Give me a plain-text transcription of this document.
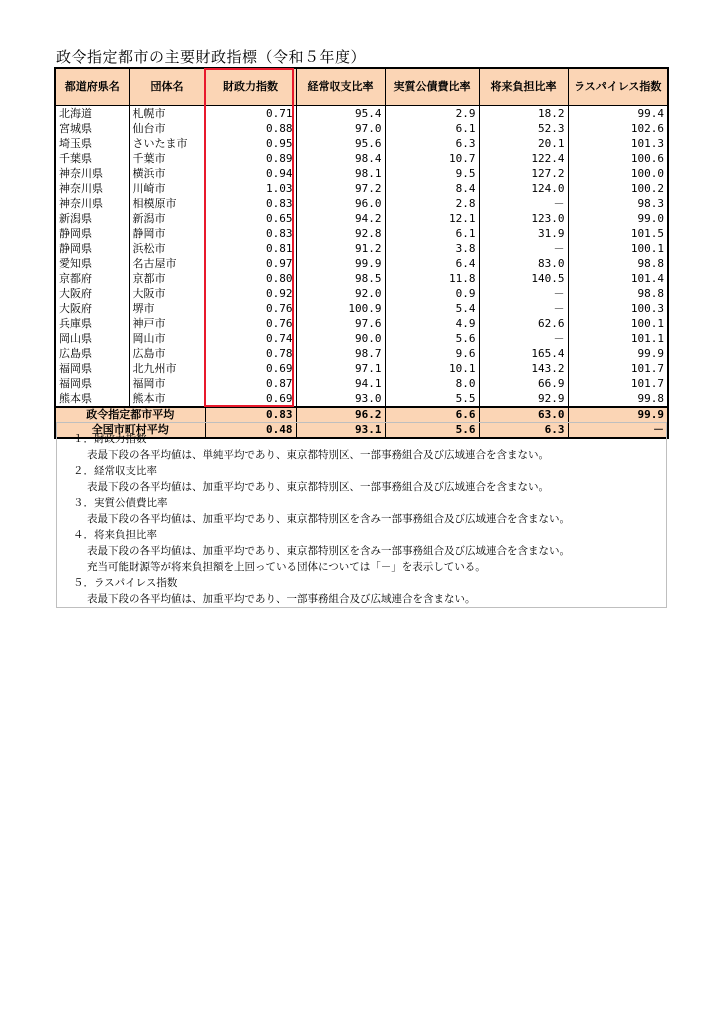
政令指定都市の主要財政指標（令和５年度）
都道府県名	団体名	財政力指数	経常収支比率	実質公債費比率	将来負担比率	ラスパイレス指数
北海道	札幌市	0.71	95.4	2.9	18.2	99.4
宮城県	仙台市	0.88	97.0	6.1	52.3	102.6
埼玉県	さいたま市	0.95	95.6	6.3	20.1	101.3
千葉県	千葉市	0.89	98.4	10.7	122.4	100.6
神奈川県	横浜市	0.94	98.1	9.5	127.2	100.0
神奈川県	川崎市	1.03	97.2	8.4	124.0	100.2
神奈川県	相模原市	0.83	96.0	2.8	－	98.3
新潟県	新潟市	0.65	94.2	12.1	123.0	99.0
静岡県	静岡市	0.83	92.8	6.1	31.9	101.5
静岡県	浜松市	0.81	91.2	3.8	－	100.1
愛知県	名古屋市	0.97	99.9	6.4	83.0	98.8
京都府	京都市	0.80	98.5	11.8	140.5	101.4
大阪府	大阪市	0.92	92.0	0.9	－	98.8
大阪府	堺市	0.76	100.9	5.4	－	100.3
兵庫県	神戸市	0.76	97.6	4.9	62.6	100.1
岡山県	岡山市	0.74	90.0	5.6	－	101.1
広島県	広島市	0.78	98.7	9.6	165.4	99.9
福岡県	北九州市	0.69	97.1	10.1	143.2	101.7
福岡県	福岡市	0.87	94.1	8.0	66.9	101.7
熊本県	熊本市	0.69	93.0	5.5	92.9	99.8
政令指定都市平均		0.83	96.2	6.6	63.0	99.9
全国市町村平均		0.48	93.1	5.6	6.3	－
１．財政力指数
表最下段の各平均値は、単純平均であり、東京都特別区、一部事務組合及び広域連合を含まない。
２．経常収支比率
表最下段の各平均値は、加重平均であり、東京都特別区、一部事務組合及び広域連合を含まない。
３．実質公債費比率
表最下段の各平均値は、加重平均であり、東京都特別区を含み一部事務組合及び広域連合を含まない。
４．将来負担比率
表最下段の各平均値は、加重平均であり、東京都特別区を含み一部事務組合及び広域連合を含まない。
充当可能財源等が将来負担額を上回っている団体については「－」を表示している。
５．ラスパイレス指数
表最下段の各平均値は、加重平均であり、一部事務組合及び広域連合を含まない。
